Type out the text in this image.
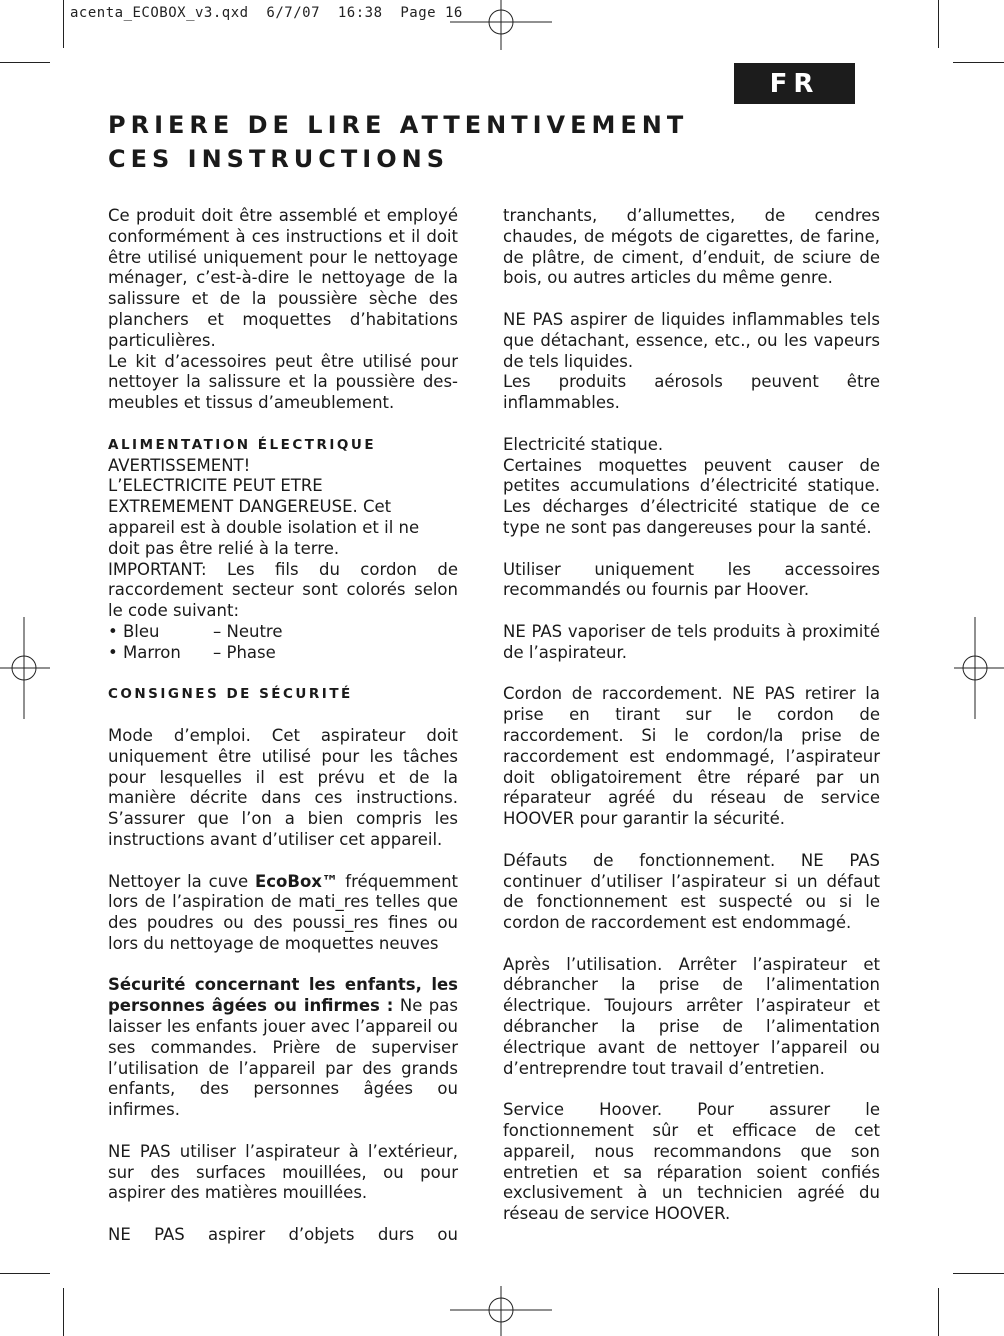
acenta_ECOBOX_v3.qxd  6/7/07  16:38  Page 16
FR
PRIERE DE LIRE ATTENTIVEMENT
CES INSTRUCTIONS

Ce produit doit être assemblé et employé conformément à ces instructions et il doit être utilisé uniquement pour le nettoyage ménager, c’est-à-dire le nettoyage de la salissure et de la poussière sèche des planchers et moquettes d’habitations particulières.

Le kit d’acessoires peut être utilisé pour nettoyer la salissure et la poussière des-meubles et tissus d’ameublement.

ALIMENTATION ÉLECTRIQUE

AVERTISSEMENT!

L’ELECTRICITE PEUT ETRE

EXTREMEMENT DANGEREUSE. Cet

appareil est à double isolation et il ne

doit pas être relié à la terre.

IMPORTANT: Les fils du cordon de raccordement secteur sont colorés selon le code suivant:

• Bleu	– Neutre
• Marron	– Phase

CONSIGNES DE SÉCURITÉ

Mode d’emploi. Cet aspirateur doit uniquement être utilisé pour les tâches pour lesquelles il est prévu et de la manière décrite dans ces instructions. S’assurer que l’on a bien compris les instructions avant d’utiliser cet appareil.

Nettoyer la cuve EcoBox™ fréquemment lors de l’aspiration de mati_res telles que des poudres ou des poussi_res fines ou lors du nettoyage de moquettes neuves

Sécurité concernant les enfants, les personnes âgées ou infirmes : Ne pas laisser les enfants jouer avec l’appareil ou ses commandes. Prière de superviser l’utilisation de l’appareil par des grands enfants, des personnes âgées ou infirmes.

NE PAS utiliser l’aspirateur à l’extérieur, sur des surfaces mouillées, ou pour aspirer des matières mouillées.

NE PAS aspirer d’objets durs ou

tranchants, d’allumettes, de cendres chaudes, de mégots de cigarettes, de farine, de plâtre, de ciment, d’enduit, de sciure de bois, ou autres articles du même genre.

NE PAS aspirer de liquides inflammables tels que détachant, essence, etc., ou les vapeurs de tels liquides.

Les produits aérosols peuvent être inflammables.

Electricité statique.

Certaines moquettes peuvent causer de petites accumulations d’électricité statique. Les décharges d’électricité statique de ce type ne sont pas dangereuses pour la santé.

Utiliser uniquement les accessoires recommandés ou fournis par Hoover.

NE PAS vaporiser de tels produits à proximité de l’aspirateur.

Cordon de raccordement. NE PAS retirer la prise en tirant sur le cordon de raccordement. Si le cordon/la prise de raccordement est endommagé, l’aspirateur doit obligatoirement être réparé par un réparateur agréé du réseau de service HOOVER pour garantir la sécurité.

Défauts de fonctionnement. NE PAS continuer d’utiliser l’aspirateur si un défaut de fonctionnement est suspecté ou si le cordon de raccordement est endommagé.

Après l’utilisation. Arrêter l’aspirateur et débrancher la prise de l’alimentation électrique. Toujours arrêter l’aspirateur et débrancher la prise de l’alimentation électrique avant de nettoyer l’appareil ou d’entreprendre tout travail d’entretien.

Service Hoover. Pour assurer le fonctionnement sûr et efficace de cet appareil, nous recommandons que son entretien et sa réparation soient confiés exclusivement à un technicien agréé du réseau de service HOOVER.
